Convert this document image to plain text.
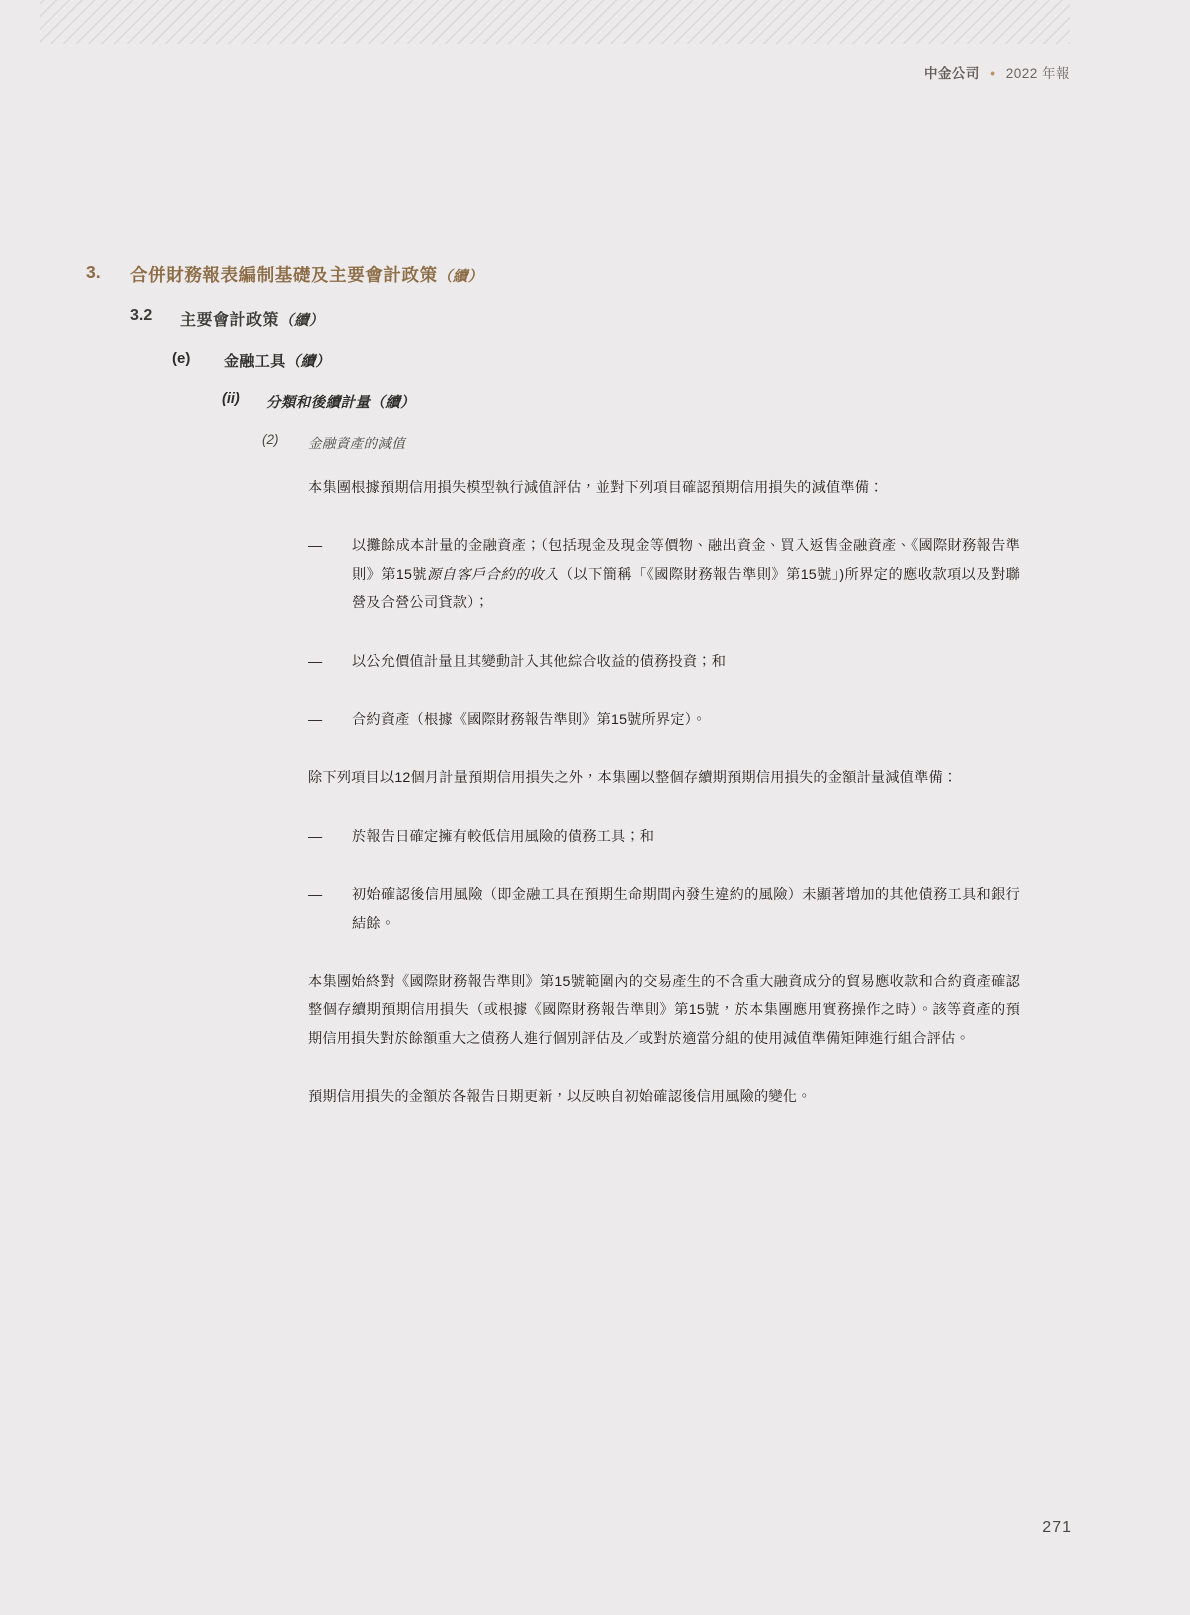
中金公司 • 2022 年報
3.	合併財務報表編制基礎及主要會計政策（續）
3.2	主要會計政策（續）
(e)	金融工具（續）
(ii)	分類和後續計量（續）
(2)	金融資產的減值

本集團根據預期信用損失模型執行減值評估，並對下列項目確認預期信用損失的減值準備：

—	以攤餘成本計量的金融資產；（包括現金及現金等價物、融出資金、買入返售金融資產、《國際財務報告準則》第15號源自客戶合約的收入（以下簡稱「《國際財務報告準則》第15號」)所界定的應收款項以及對聯營及合營公司貸款）；
—	以公允價值計量且其變動計入其他綜合收益的債務投資；和
—	合約資產（根據《國際財務報告準則》第15號所界定）。

除下列項目以12個月計量預期信用損失之外，本集團以整個存續期預期信用損失的金額計量減值準備：

—	於報告日確定擁有較低信用風險的債務工具；和
—	初始確認後信用風險（即金融工具在預期生命期間內發生違約的風險）未顯著增加的其他債務工具和銀行結餘。

本集團始終對《國際財務報告準則》第15號範圍內的交易產生的不含重大融資成分的貿易應收款和合約資產確認整個存續期預期信用損失（或根據《國際財務報告準則》第15號，於本集團應用實務操作之時）。該等資產的預期信用損失對於餘額重大之債務人進行個別評估及／或對於適當分組的使用減值準備矩陣進行組合評估。

預期信用損失的金額於各報告日期更新，以反映自初始確認後信用風險的變化。

271
